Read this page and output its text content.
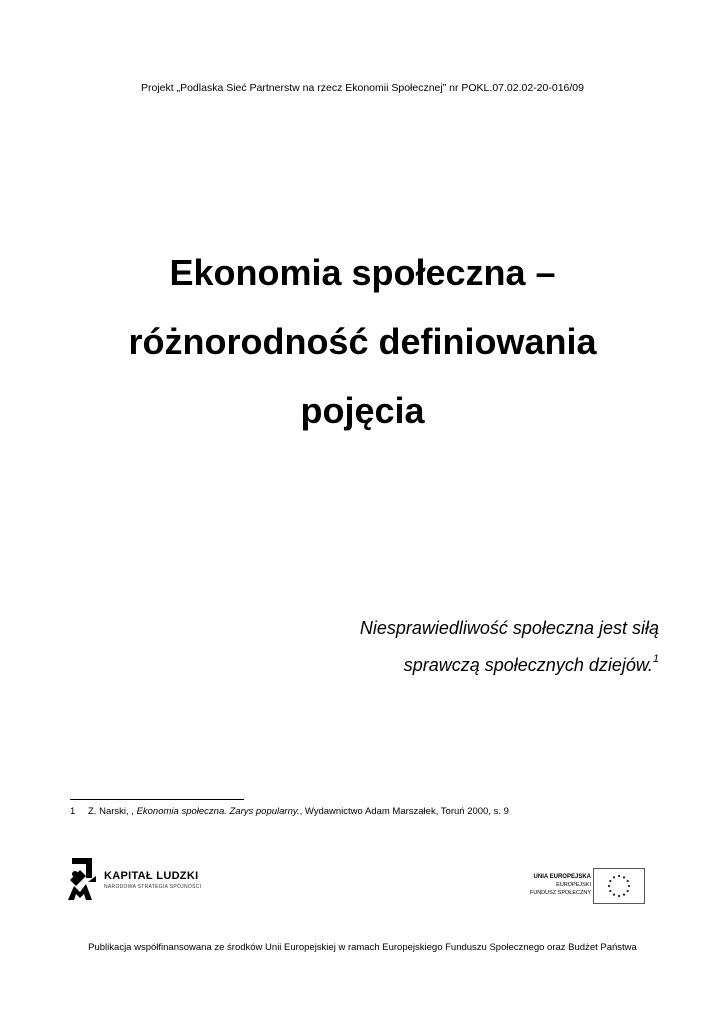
Projekt „Podlaska Sieć Partnerstw na rzecz Ekonomii Społecznej” nr POKL.07.02.02-20-016/09
Ekonomia społeczna –
różnorodność definiowania
pojęcia
Niesprawiedliwość społeczna jest siłą
sprawczą społecznych dziejów.$^1$
1 Z. Narski, , Ekonomia społeczna. Zarys popularny., Wydawnictwo Adam Marszałek, Toruń 2000, s. 9
KAPITAŁ LUDZKI
NARODOWA STRATEGIA SPÓJNOŚCI
UNIA EUROPEJSKA
EUROPEJSKI
FUNDUSZ SPOŁECZNY
Publikacja współfinansowana ze środków Unii Europejskiej w ramach Europejskiego Funduszu Społecznego oraz Budżet Państwa
